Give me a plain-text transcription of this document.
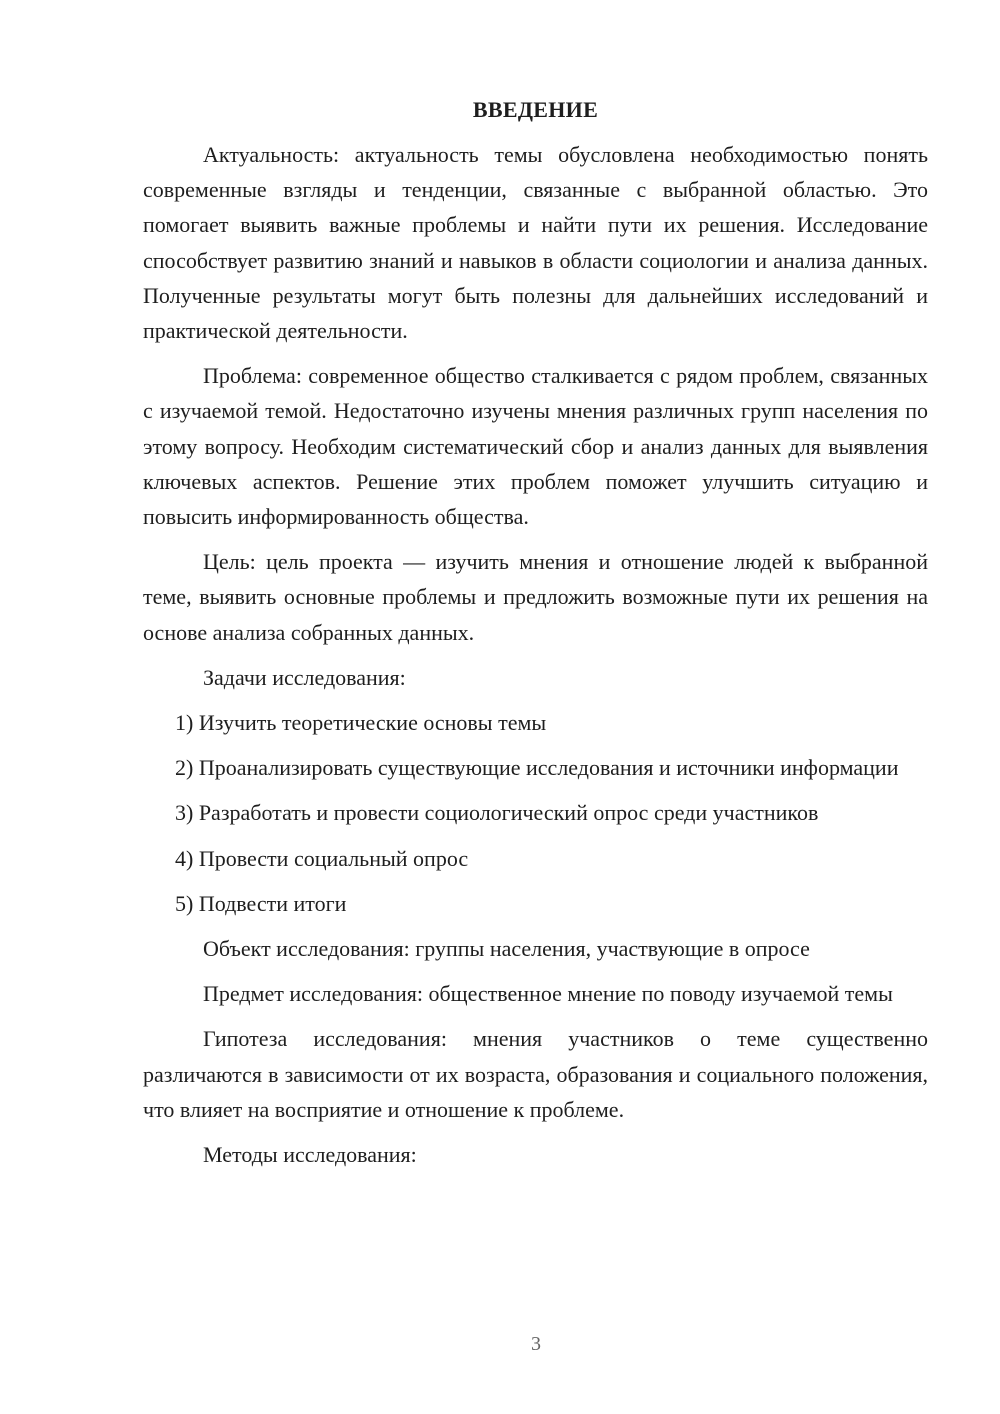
ВВЕДЕНИЕ

Актуальность: актуальность темы обусловлена необходимостью понять современные взгляды и тенденции, связанные с выбранной областью. Это помогает выявить важные проблемы и найти пути их решения. Исследование способствует развитию знаний и навыков в области социологии и анализа данных. Полученные результаты могут быть полезны для дальнейших исследований и практической деятельности.

Проблема: современное общество сталкивается с рядом проблем, связанных с изучаемой темой. Недостаточно изучены мнения различных групп населения по этому вопросу. Необходим систематический сбор и анализ данных для выявления ключевых аспектов. Решение этих проблем поможет улучшить ситуацию и повысить информированность общества.

Цель: цель проекта — изучить мнения и отношение людей к выбранной теме, выявить основные проблемы и предложить возможные пути их решения на основе анализа собранных данных.

Задачи исследования:

1) Изучить теоретические основы темы

2) Проанализировать существующие исследования и источники информации

3) Разработать и провести социологический опрос среди участников

4) Провести социальный опрос

5) Подвести итоги

Объект исследования: группы населения, участвующие в опросе

Предмет исследования: общественное мнение по поводу изучаемой темы

Гипотеза исследования: мнения участников о теме существенно различаются в зависимости от их возраста, образования и социального положения, что влияет на восприятие и отношение к проблеме.

Методы исследования:

3
